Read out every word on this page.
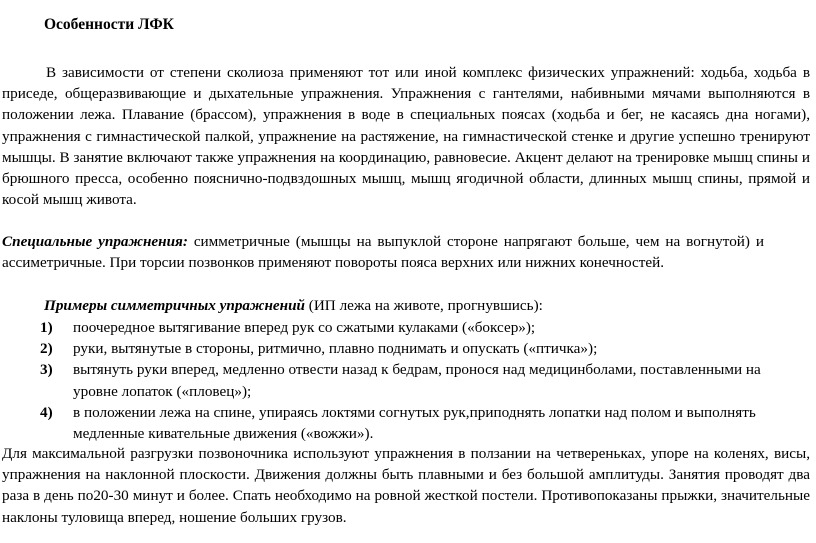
Особенности ЛФК

В зависимости от степени сколиоза применяют тот или иной комплекс физических упражнений: ходьба, ходьба в приседе, общеразвивающие и дыхательные упражнения. Упражнения с гантелями, набивными мячами выполняются в положении лежа. Плавание (брассом), упражнения в воде в специальных поясах (ходьба и бег, не касаясь дна ногами), упражнения с гимнастической палкой, упражнение на растяжение, на гимнастической стенке и другие успешно тренируют мышцы. В занятие включают также упражнения на координацию, равновесие. Акцент делают на тренировке мышц спины и брюшного пресса, особенно пояснично-подвздошных мышц, мышц ягодичной области, длинных мышц спины, прямой и косой мышц живота.

Специальные упражнения: симметричные (мышцы на выпуклой стороне напрягают больше, чем на вогнутой) и ассиметричные. При торсии позвонков применяют повороты пояса верхних или нижних конечностей.

Примеры симметричных упражнений (ИП лежа на животе, прогнувшись):

1) поочередное вытягивание вперед рук со сжатыми кулаками («боксер»);
2) руки, вытянутые в стороны, ритмично, плавно поднимать и опускать («птичка»);
3) вытянуть руки вперед, медленно отвести назад к бедрам, пронося над медицинболами, поставленными на уровне лопаток («пловец»);
4) в положении лежа на спине, упираясь локтями согнутых рук,приподнять лопатки над полом и выполнять медленные кивательные движения («вожжи»).

Для максимальной разгрузки позвоночника используют упражнения в ползании на четвереньках, упоре на коленях, висы, упражнения на наклонной плоскости. Движения должны быть плавными и без большой амплитуды. Занятия проводят два раза в день по20-30 минут и более. Спать необходимо на ровной жесткой постели. Противопоказаны прыжки, значительные наклоны туловища вперед, ношение больших грузов.
